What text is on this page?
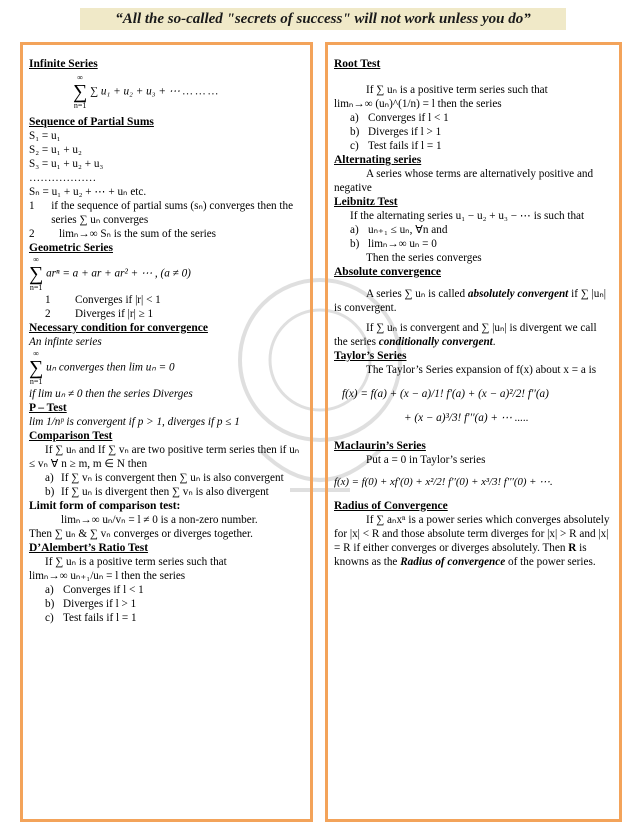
“All the so-called "secrets of success" will not work unless you do”
Infinite Series
∞
∑
n=1
∑ u₁ + u₂ + u₃ + ⋯ … … …
Sequence of Partial Sums
S₁ = u₁
S₂ = u₁ + u₂
S₃ = u₁ + u₂ + u₃
………………
Sₙ = u₁ + u₂ + ⋯ + uₙ etc.
1	if the sequence of partial sums (sₙ) converges then the series ∑ uₙ converges
2	limₙ→∞ Sₙ is the sum of the series
Geometric Series
∞
∑
n=1
arⁿ = a + ar + ar² + ⋯ , (a ≠ 0)
1	Converges if |r| < 1
2	Diverges if |r| ≥ 1
Necessary condition for convergence
An infinte series
∞
∑
n=1
uₙ converges then lim uₙ = 0
if lim uₙ ≠ 0 then the series Diverges
P – Test
lim 1/nᵖ is convergent if p > 1, diverges if p ≤ 1
Comparison Test
If ∑ uₙ and If ∑ vₙ are two positive term series then if uₙ ≤ vₙ ∀ n ≥ m, m ∈ N then
a) If ∑ vₙ is convergent then ∑ uₙ is also convergent
b) If ∑ uₙ is divergent then ∑ vₙ is also divergent
Limit form of comparison test:
limₙ→∞ uₙ/vₙ = l ≠ 0 is a non-zero number.
Then ∑ uₙ & ∑ vₙ converges or diverges together.
D’Alembert’s Ratio Test
If ∑ uₙ is a positive term series such that
limₙ→∞ uₙ₊₁/uₙ = l then the series
a) Converges if l < 1
b) Diverges if l > 1
c) Test fails if l = 1
Root Test
If ∑ uₙ is a positive term series such that
limₙ→∞ (uₙ)^(1/n) = l then the series
a) Converges if l < 1
b) Diverges if l > 1
c) Test fails if l = 1
Alternating series
A series whose terms are alternatively positive and negative
Leibnitz Test
If the alternating series u₁ − u₂ + u₃ − ⋯ is such that
a) uₙ₊₁ ≤ uₙ, ∀n and
b) limₙ→∞ uₙ = 0
Then the series converges
Absolute convergence
A series ∑ uₙ is called absolutely convergent if ∑ |uₙ| is convergent.
If ∑ uₙ is convergent and ∑ |uₙ| is divergent we call the series conditionally convergent.
Taylor’s Series
The Taylor’s Series expansion of f(x) about x = a is
f(x) = f(a) + (x − a)/1! f′(a) + (x − a)²/2! f′′(a)
+ (x − a)³/3! f′′′(a) + ⋯ .....
Maclaurin’s Series
Put a = 0 in Taylor’s series
f(x) = f(0) + xf′(0) + x²/2! f′′(0) + x³/3! f′′′(0) + ⋯.
Radius of Convergence
If ∑ aₙxⁿ is a power series which converges absolutely for |x| < R and those absolute term diverges for |x| > R and |x| = R if either converges or diverges absolutely. Then R is knowns as the Radius of convergence of the power series.
